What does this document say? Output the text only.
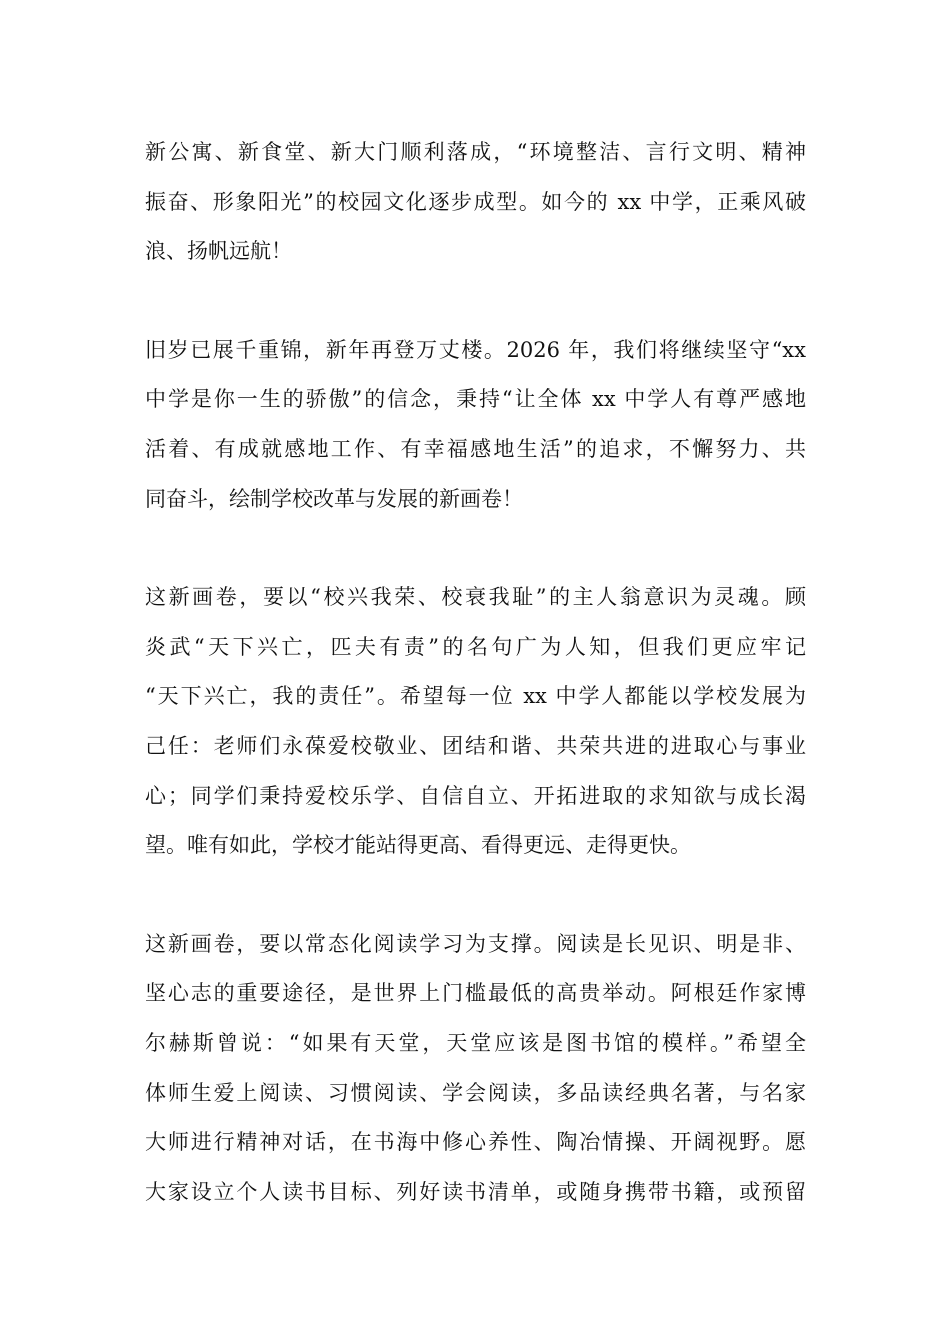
新公寓、新食堂、新大门顺利落成，“环境整洁、言行文明、精神
振奋、形象阳光”的校园文化逐步成型。如今的 xx 中学，正乘风破
浪、扬帆远航！

旧岁已展千重锦，新年再登万丈楼。2026 年，我们将继续坚守“xx
中学是你一生的骄傲”的信念，秉持“让全体 xx 中学人有尊严感地
活着、有成就感地工作、有幸福感地生活”的追求，不懈努力、共
同奋斗，绘制学校改革与发展的新画卷！

这新画卷，要以“校兴我荣、校衰我耻”的主人翁意识为灵魂。顾
炎武“天下兴亡，匹夫有责”的名句广为人知，但我们更应牢记
“天下兴亡，我的责任”。希望每一位 xx 中学人都能以学校发展为
己任：老师们永葆爱校敬业、团结和谐、共荣共进的进取心与事业
心；同学们秉持爱校乐学、自信自立、开拓进取的求知欲与成长渴
望。唯有如此，学校才能站得更高、看得更远、走得更快。

这新画卷，要以常态化阅读学习为支撑。阅读是长见识、明是非、
坚心志的重要途径，是世界上门槛最低的高贵举动。阿根廷作家博
尔赫斯曾说：“如果有天堂，天堂应该是图书馆的模样。”希望全
体师生爱上阅读、习惯阅读、学会阅读，多品读经典名著，与名家
大师进行精神对话，在书海中修心养性、陶冶情操、开阔视野。愿
大家设立个人读书目标、列好读书清单，或随身携带书籍，或预留
